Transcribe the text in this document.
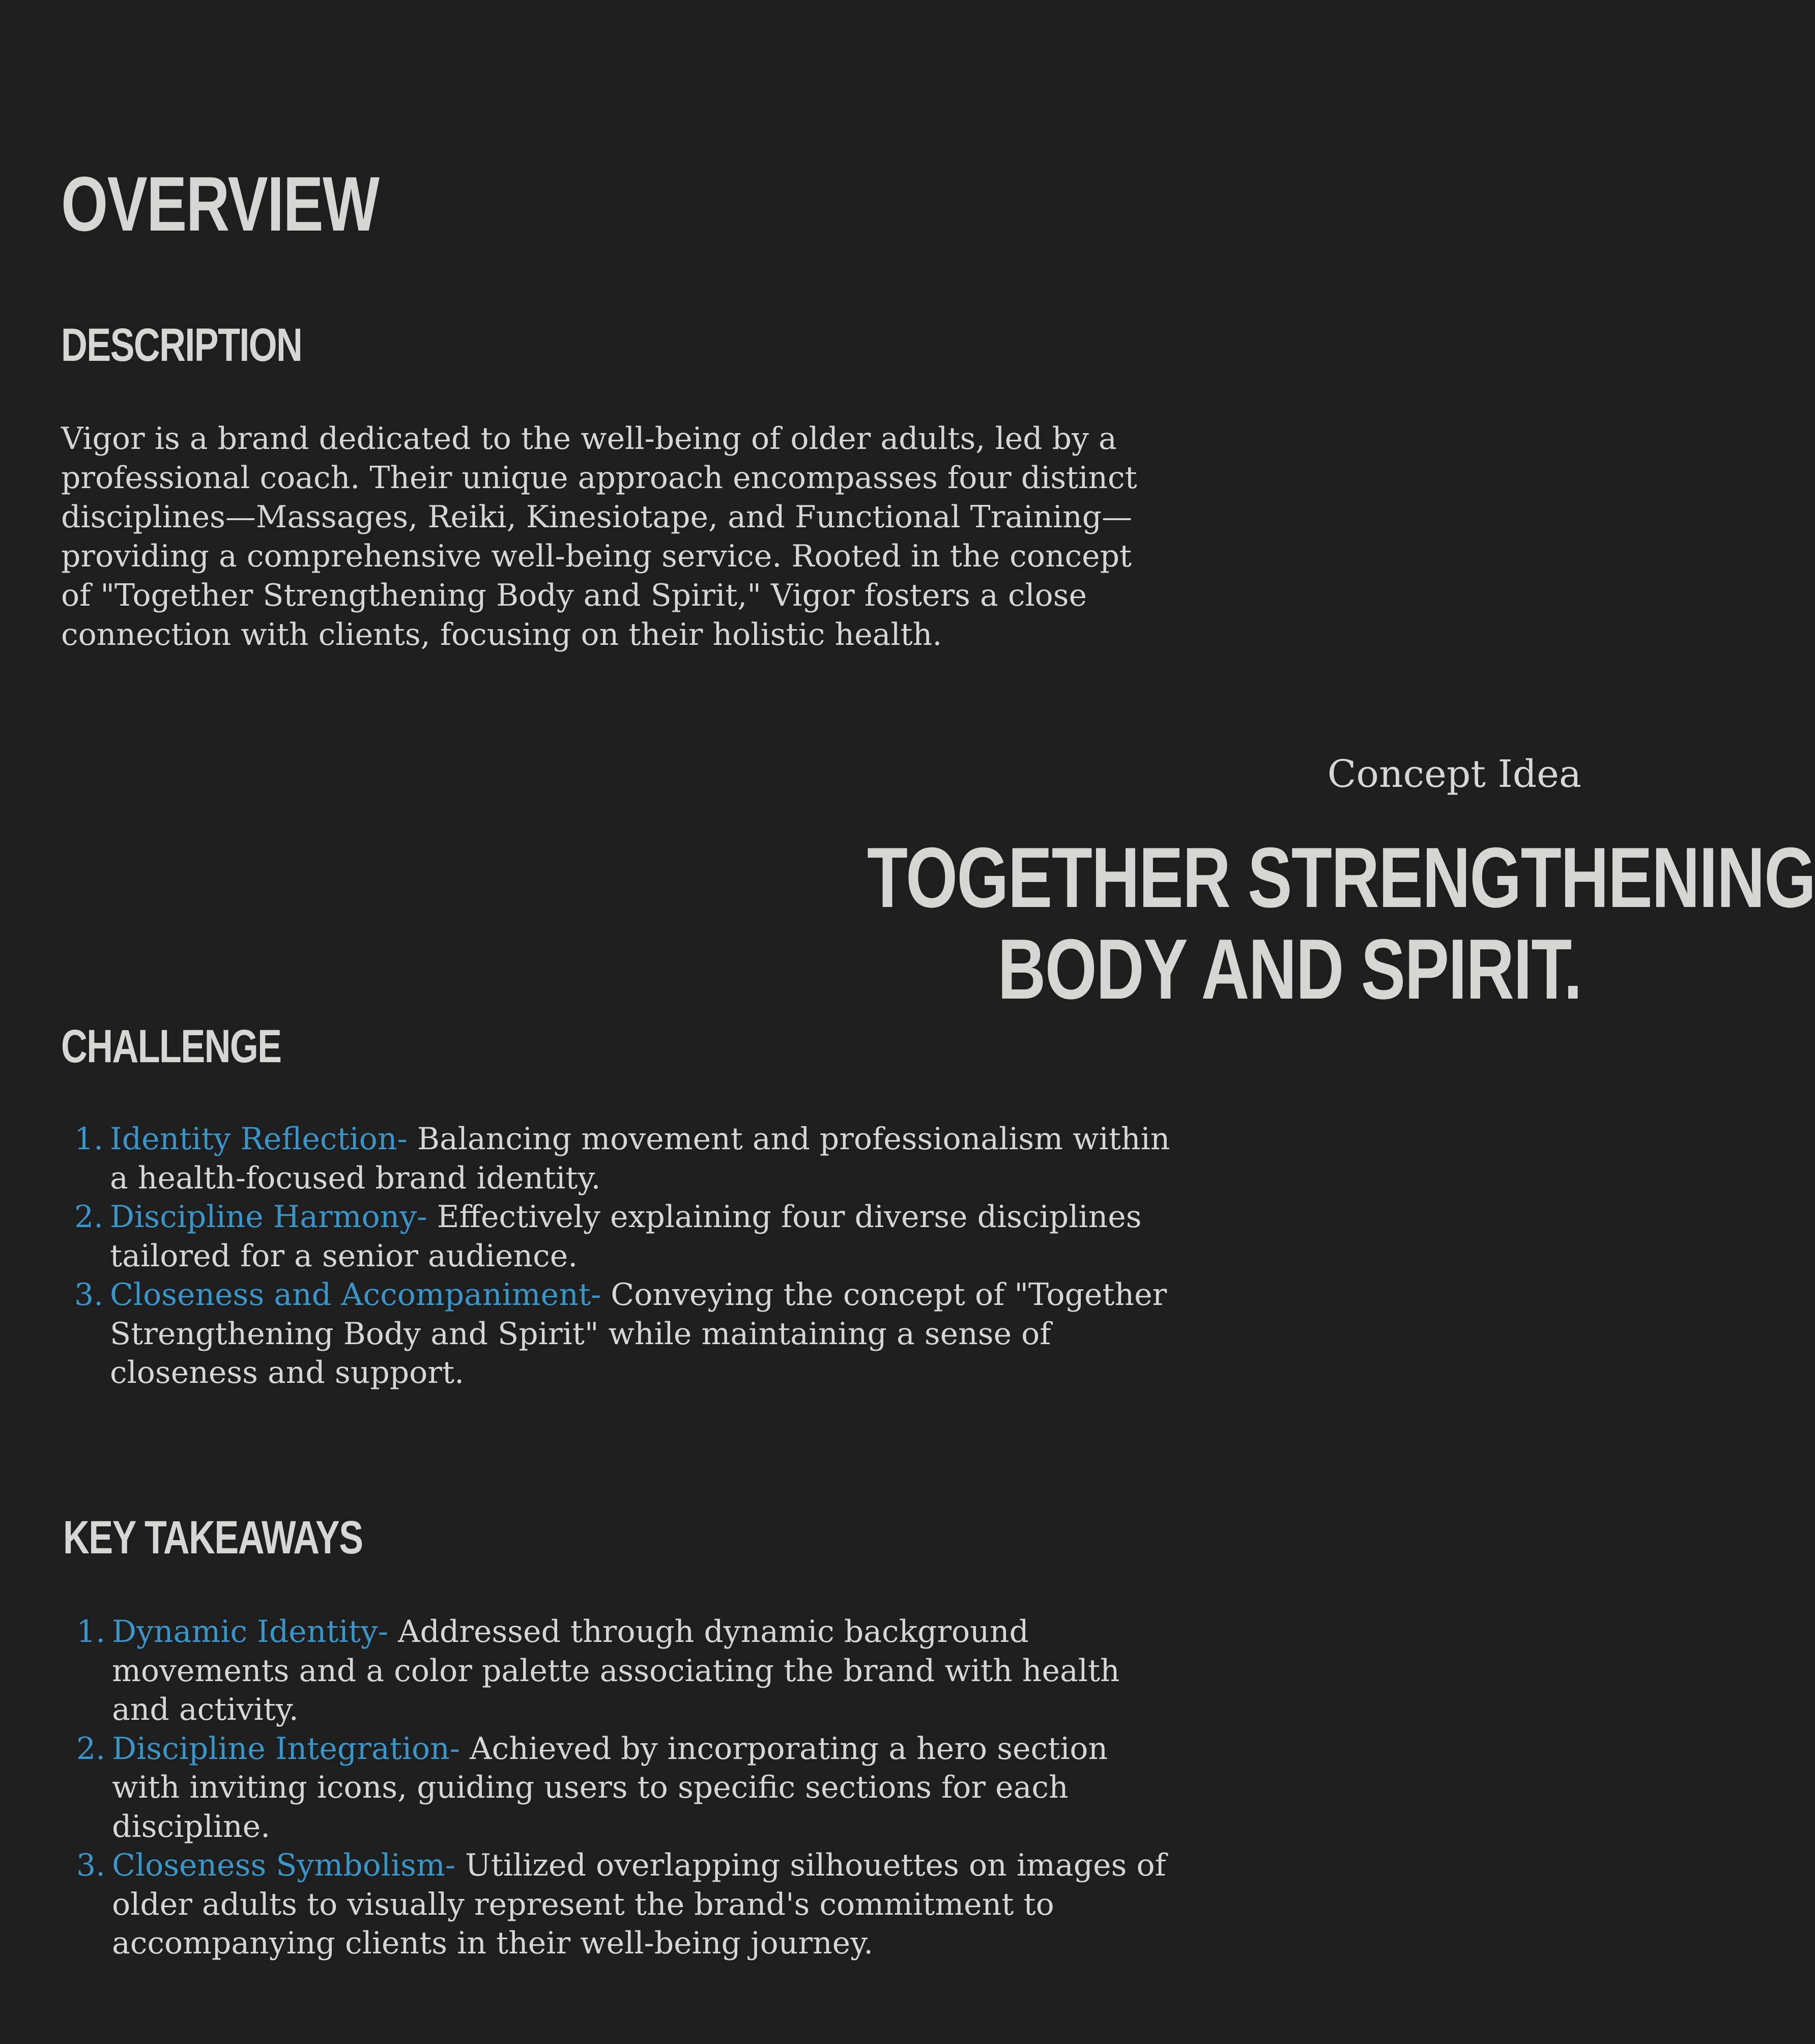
OVERVIEW
DESCRIPTION

Vigor is a brand dedicated to the well-being of older adults, led by a professional coach. Their unique approach encompasses four distinct disciplines—Massages, Reiki, Kinesiotape, and Functional Training—providing a comprehensive well-being service. Rooted in the concept of "Together Strengthening Body and Spirit," Vigor fosters a close connection with clients, focusing on their holistic health.

Concept Idea

TOGETHER STRENGTHENING
BODY AND SPIRIT.
CHALLENGE
1. Identity Reflection- Balancing movement and professionalism within a health-focused brand identity.
2. Discipline Harmony- Effectively explaining four diverse disciplines tailored for a senior audience.
3. Closeness and Accompaniment- Conveying the concept of "Together Strengthening Body and Spirit" while maintaining a sense of closeness and support.
KEY TAKEAWAYS
1. Dynamic Identity- Addressed through dynamic background movements and a color palette associating the brand with health and activity.
2. Discipline Integration- Achieved by incorporating a hero section with inviting icons, guiding users to specific sections for each discipline.
3. Closeness Symbolism- Utilized overlapping silhouettes on images of older adults to visually represent the brand's commitment to accompanying clients in their well-being journey.
